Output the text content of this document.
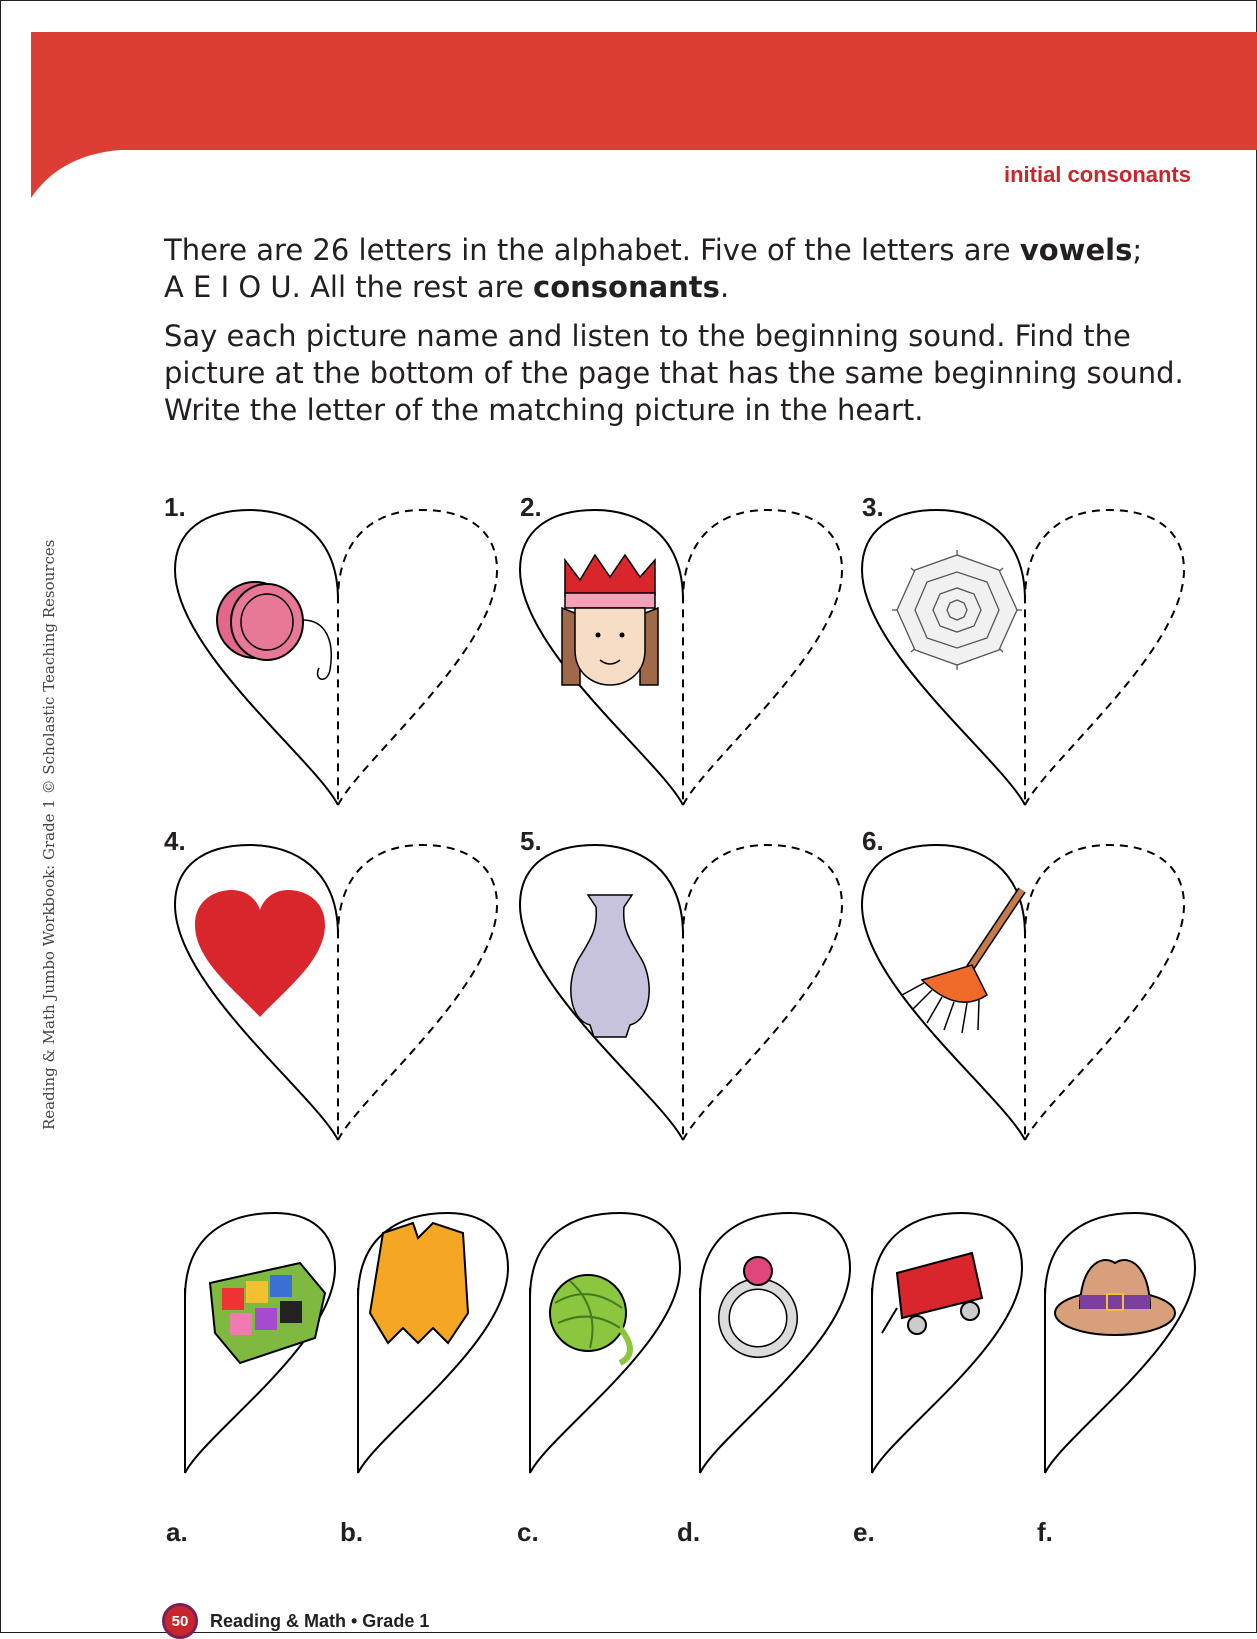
initial consonants

There are 26 letters in the alphabet. Five of the letters are vowels;
A E I O U. All the rest are consonants.

Say each picture name and listen to the beginning sound. Find the picture at the bottom of the page that has the same beginning sound. Write the letter of the matching picture in the heart.

Reading & Math Jumbo Workbook: Grade 1 © Scholastic Teaching Resources
1.	2.	3.
4.	5.	6.
a.	b.	c.	d.	e.	f.
50	Reading & Math • Grade 1
